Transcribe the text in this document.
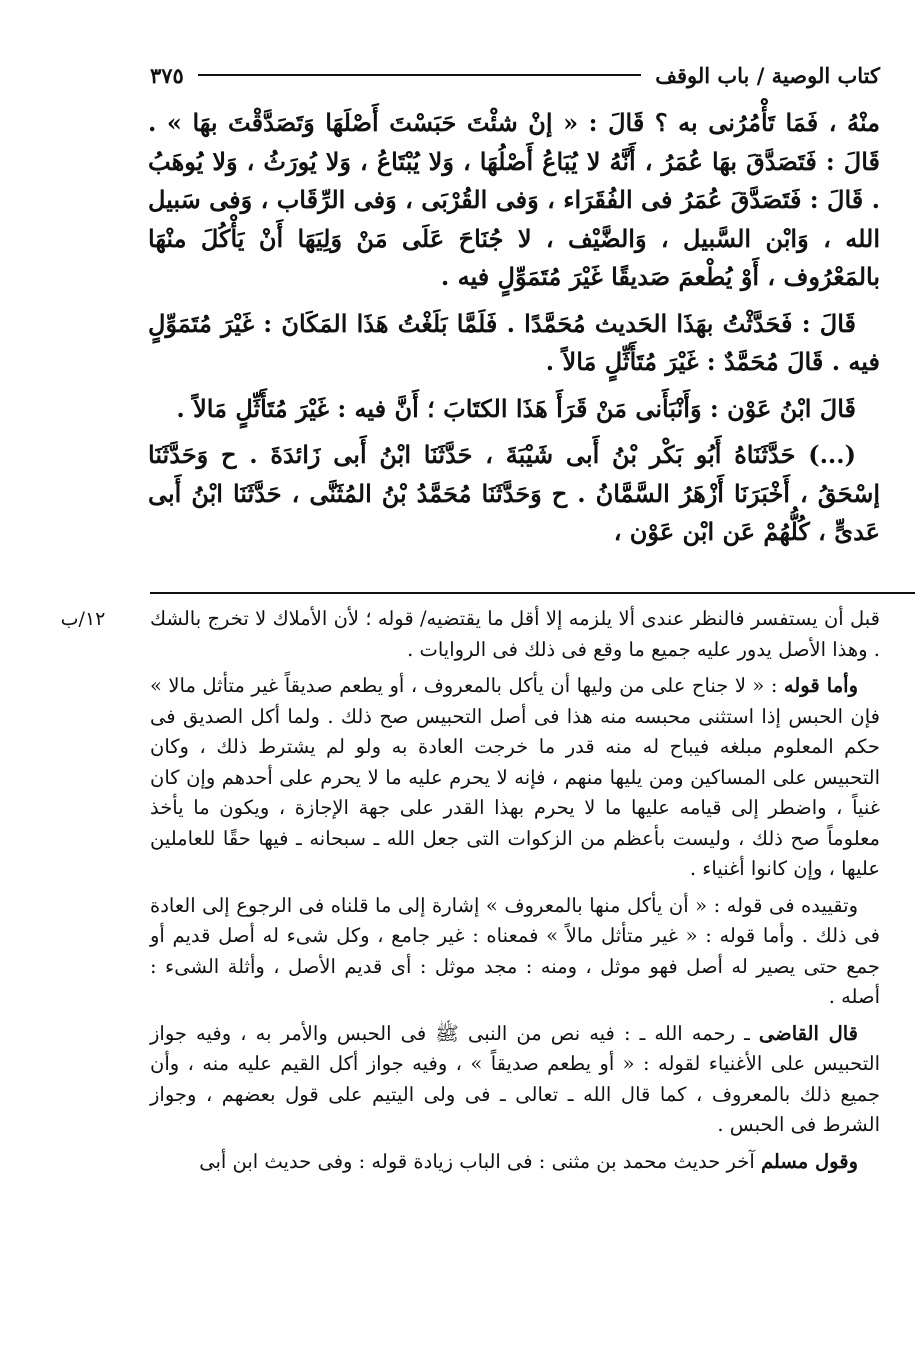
كتاب الوصية / باب الوقف
٣٧٥

منْهُ ، فَمَا تَأْمُرُنى به ؟ قَالَ : « إنْ شئْتَ حَبَسْتَ أَصْلَهَا وَتَصَدَّقْتَ بهَا » . قَالَ : فَتَصَدَّقَ بهَا عُمَرُ ، أَنَّهُ لا يُبَاعُ أَصْلُهَا ، وَلا يُبْتَاعُ ، وَلا يُورَثُ ، وَلا يُوهَبُ . قَالَ : فَتَصَدَّقَ عُمَرُ فى الفُقَرَاء ، وَفى القُرْبَى ، وَفى الرِّقَاب ، وَفى سَبيل الله ، وَابْن السَّبيل ، وَالضَّيْف ، لا جُنَاحَ عَلَى مَنْ وَلِيَهَا أَنْ يَأْكُلَ منْهَا بالمَعْرُوف ، أَوْ يُطْعمَ صَديقًا غَيْرَ مُتَمَوِّلٍ فيه .

قَالَ : فَحَدَّثْتُ بهَذَا الحَديث مُحَمَّدًا . فَلَمَّا بَلَغْتُ هَذَا المَكَانَ : غَيْرَ مُتَمَوِّلٍ فيه . قَالَ مُحَمَّدٌ : غَيْرَ مُتَأَثِّلٍ مَالاً .

قَالَ ابْنُ عَوْن : وَأَنْبَأَنى مَنْ قَرَأَ هَذَا الكتَابَ ؛ أَنَّ فيه : غَيْرَ مُتَأَثِّلٍ مَالاً .

(...) حَدَّثَنَاهُ أَبُو بَكْر بْنُ أَبى شَيْبَةَ ، حَدَّثَنَا ابْنُ أَبى زَائدَةَ . ح وَحَدَّثَنَا إسْحَقُ ، أَخْبَرَنَا أَزْهَرُ السَّمَّانُ . ح وَحَدَّثَنَا مُحَمَّدُ بْنُ المُثَنَّى ، حَدَّثَنَا ابْنُ أَبى عَدىٍّ ، كُلُّهُمْ عَن ابْن عَوْن ،

١٢/ب	قبل أن يستفسر فالنظر عندى ألا يلزمه إلا أقل ما يقتضيه/ قوله ؛ لأن الأملاك لا تخرج بالشك . وهذا الأصل يدور عليه جميع ما وقع فى ذلك فى الروايات .

وأما قوله : « لا جناح على من وليها أن يأكل بالمعروف ، أو يطعم صديقاً غير متأثل مالا » فإن الحبس إذا استثنى محبسه منه هذا فى أصل التحبيس صح ذلك . ولما أكل الصديق فى حكم المعلوم مبلغه فيباح له منه قدر ما خرجت العادة به ولو لم يشترط ذلك ، وكان التحبيس على المساكين ومن يليها منهم ، فإنه لا يحرم عليه ما لا يحرم على أحدهم وإن كان غنياً ، واضطر إلى قيامه عليها ما لا يحرم بهذا القدر على جهة الإجازة ، ويكون ما يأخذ معلوماً صح ذلك ، وليست بأعظم من الزكوات التى جعل الله ـ سبحانه ـ فيها حقًا للعاملين عليها ، وإن كانوا أغنياء .

وتقييده فى قوله : « أن يأكل منها بالمعروف » إشارة إلى ما قلناه فى الرجوع إلى العادة فى ذلك . وأما قوله : « غير متأثل مالاً » فمعناه : غير جامع ، وكل شىء له أصل قديم أو جمع حتى يصير له أصل فهو موثل ، ومنه : مجد موثل : أى قديم الأصل ، وأثلة الشىء : أصله .

قال القاضى ـ رحمه الله ـ : فيه نص من النبى ﷺ فى الحبس والأمر به ، وفيه جواز التحبيس على الأغنياء لقوله : « أو يطعم صديقاً » ، وفيه جواز أكل القيم عليه منه ، وأن جميع ذلك بالمعروف ، كما قال الله ـ تعالى ـ فى ولى اليتيم على قول بعضهم ، وجواز الشرط فى الحبس .

وقول مسلم آخر حديث محمد بن مثنى : فى الباب زيادة قوله : وفى حديث ابن أبى
